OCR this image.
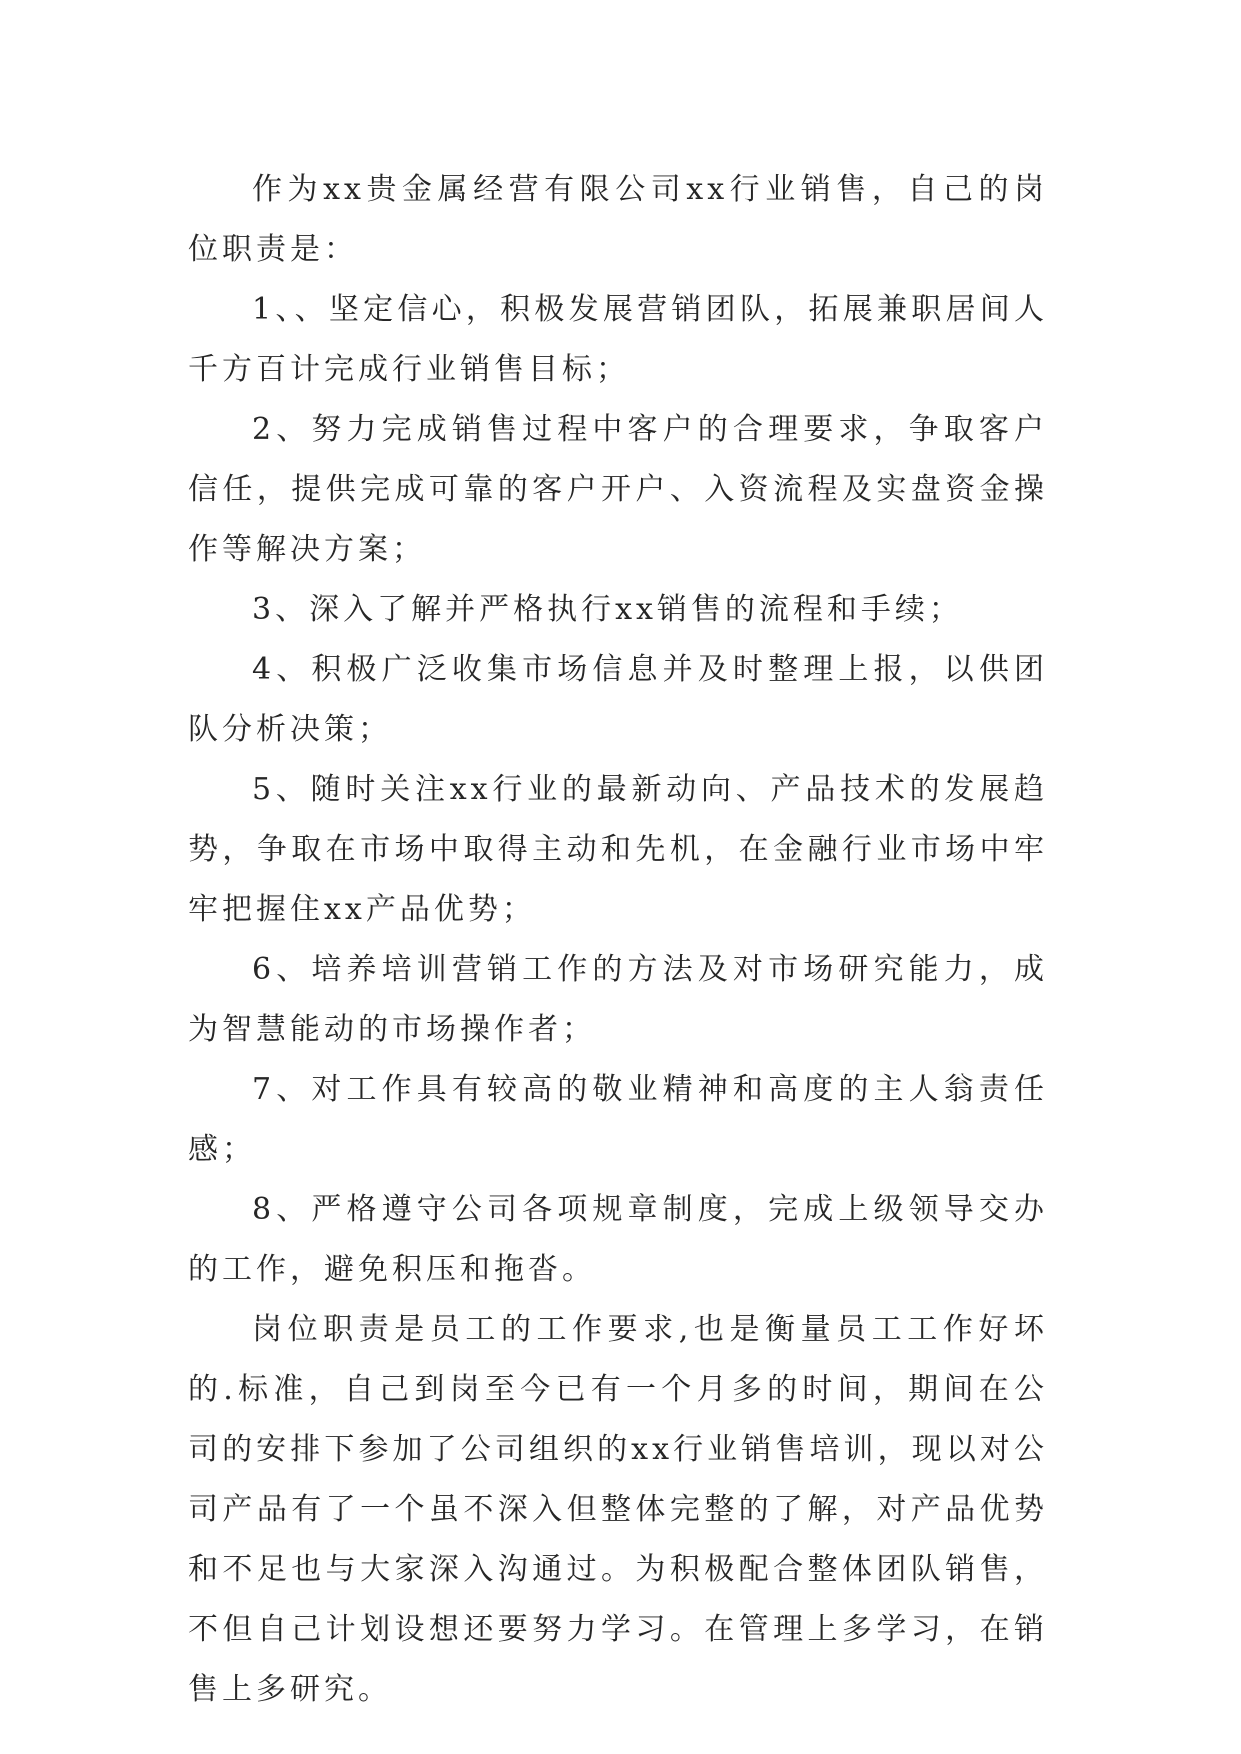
作为xx贵金属经营有限公司xx行业销售，自己的岗位职责是：

1、、坚定信心，积极发展营销团队，拓展兼职居间人千方百计完成行业销售目标；

2、努力完成销售过程中客户的合理要求，争取客户信任，提供完成可靠的客户开户、入资流程及实盘资金操作等解决方案；

3、深入了解并严格执行xx销售的流程和手续；

4、积极广泛收集市场信息并及时整理上报，以供团队分析决策；

5、随时关注xx行业的最新动向、产品技术的发展趋势，争取在市场中取得主动和先机，在金融行业市场中牢牢把握住xx产品优势；

6、培养培训营销工作的方法及对市场研究能力，成为智慧能动的市场操作者；

7、对工作具有较高的敬业精神和高度的主人翁责任感；

8、严格遵守公司各项规章制度，完成上级领导交办的工作，避免积压和拖沓。

岗位职责是员工的工作要求,也是衡量员工工作好坏的.标准，自己到岗至今已有一个月多的时间，期间在公司的安排下参加了公司组织的xx行业销售培训，现以对公司产品有了一个虽不深入但整体完整的了解，对产品优势和不足也与大家深入沟通过。为积极配合整体团队销售，不但自己计划设想还要努力学习。在管理上多学习，在销售上多研究。
